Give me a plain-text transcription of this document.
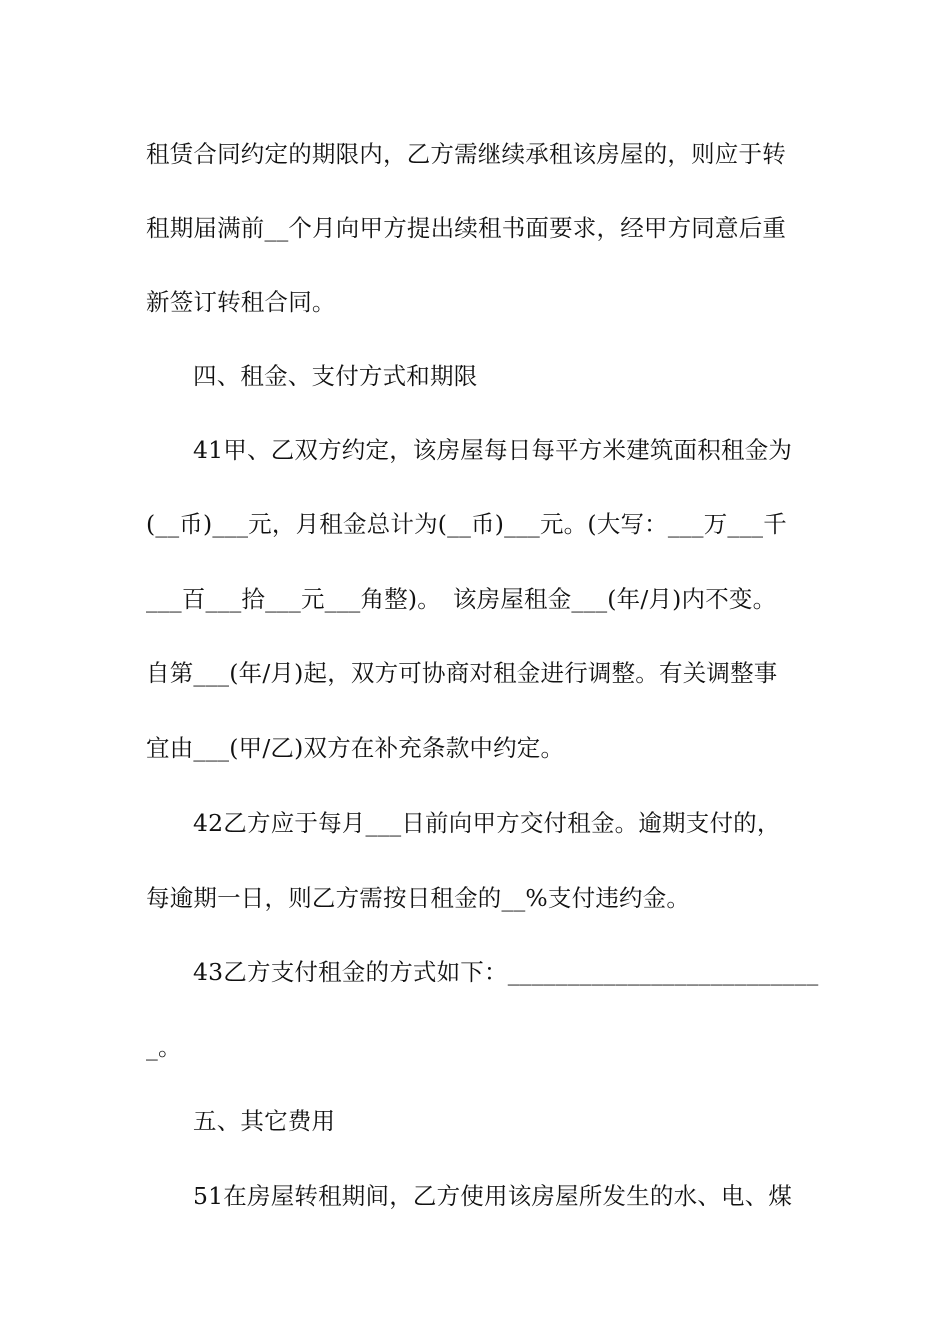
租赁合同约定的期限内，乙方需继续承租该房屋的，则应于转
租期届满前__个月向甲方提出续租书面要求，经甲方同意后重
新签订转租合同。
四、租金、支付方式和期限
41甲、乙双方约定，该房屋每日每平方米建筑面积租金为
(__币)___元，月租金总计为(__币)___元。(大写：___万___千
___百___拾___元___角整)。　该房屋租金___(年/月)内不变。
自第___(年/月)起，双方可协商对租金进行调整。有关调整事
宜由___(甲/乙)双方在补充条款中约定。
42乙方应于每月___日前向甲方交付租金。逾期支付的，
每逾期一日，则乙方需按日租金的__%支付违约金。
43乙方支付租金的方式如下：__________________________
_。
五、其它费用
51在房屋转租期间，乙方使用该房屋所发生的水、电、煤
